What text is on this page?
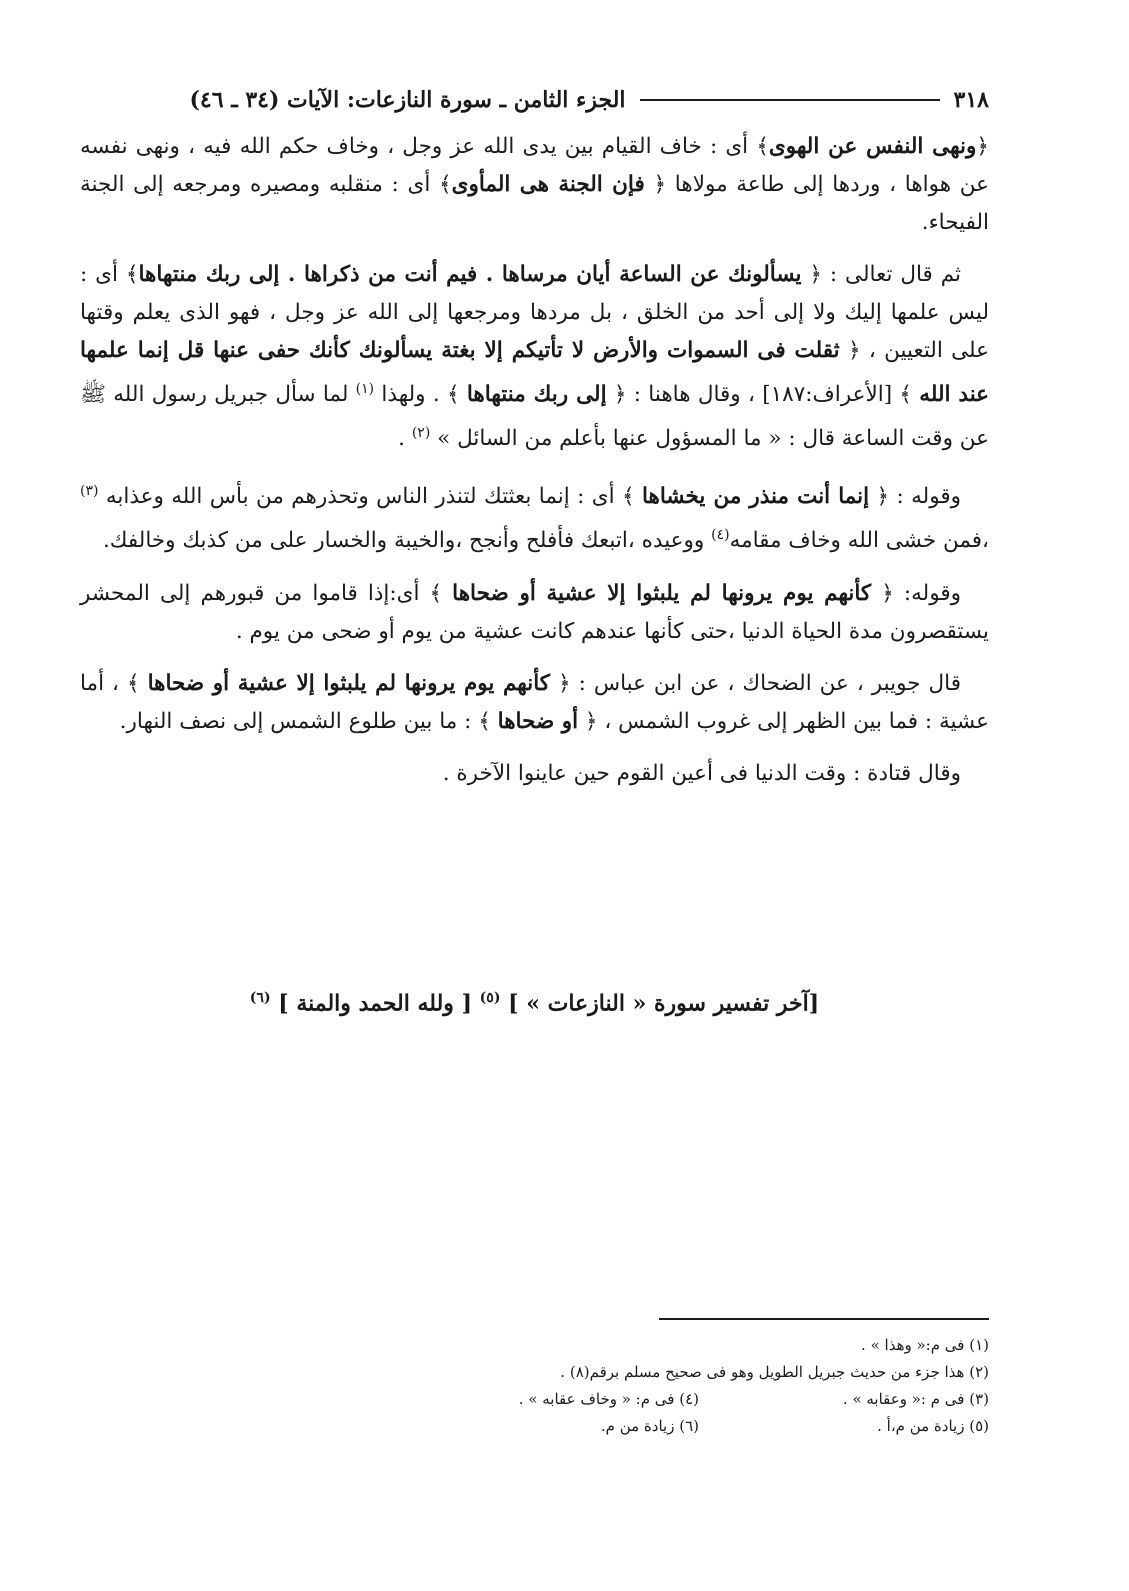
٣١٨
الجزء الثامن ـ سورة النازعات: الآيات (٣٤ ـ ٤٦)

﴿ونهى النفس عن الهوى﴾ أى : خاف القيام بين يدى الله عز وجل ، وخاف حكم الله فيه ، ونهى نفسه عن هواها ، وردها إلى طاعة مولاها ﴿ فإن الجنة هى المأوى﴾ أى : منقلبه ومصيره ومرجعه إلى الجنة الفيحاء.

ثم قال تعالى : ﴿ يسألونك عن الساعة أيان مرساها . فيم أنت من ذكراها . إلى ربك منتهاها﴾ أى : ليس علمها إليك ولا إلى أحد من الخلق ، بل مردها ومرجعها إلى الله عز وجل ، فهو الذى يعلم وقتها على التعيين ، ﴿ ثقلت فى السموات والأرض لا تأتيكم إلا بغتة يسألونك كأنك حفى عنها قل إنما علمها عند الله ﴾ [الأعراف:١٨٧] ، وقال هاهنا : ﴿ إلى ربك منتهاها ﴾ . ولهذا $^{(١)}$ لما سأل جبريل رسول الله ﷺ عن وقت الساعة قال : « ما المسؤول عنها بأعلم من السائل » $^{(٢)}$ .

وقوله : ﴿ إنما أنت منذر من يخشاها ﴾ أى : إنما بعثتك لتنذر الناس وتحذرهم من بأس الله وعذابه $^{(٣)}$ ،فمن خشى الله وخاف مقامه$^{(٤)}$ ووعيده ،اتبعك فأفلح وأنجح ،والخيبة والخسار على من كذبك وخالفك.

وقوله: ﴿ كأنهم يوم يرونها لم يلبثوا إلا عشية أو ضحاها ﴾ أى:إذا قاموا من قبورهم إلى المحشر يستقصرون مدة الحياة الدنيا ،حتى كأنها عندهم كانت عشية من يوم أو ضحى من يوم .

قال جويبر ، عن الضحاك ، عن ابن عباس : ﴿ كأنهم يوم يرونها لم يلبثوا إلا عشية أو ضحاها ﴾ ، أما عشية : فما بين الظهر إلى غروب الشمس ، ﴿ أو ضحاها ﴾ : ما بين طلوع الشمس إلى نصف النهار.

وقال قتادة : وقت الدنيا فى أعين القوم حين عاينوا الآخرة .

[آخر تفسير سورة « النازعات » ] $^{(٥)}$ [ ولله الحمد والمنة ] $^{(٦)}$
(١) فى م:« وهذا » .
(٢) هذا جزء من حديث جبريل الطويل وهو فى صحيح مسلم برقم(٨) .
(٣) فى م :« وعقابه » .
(٤) فى م: « وخاف عقابه » .
(٥) زيادة من م،أ .
(٦) زيادة من م.
